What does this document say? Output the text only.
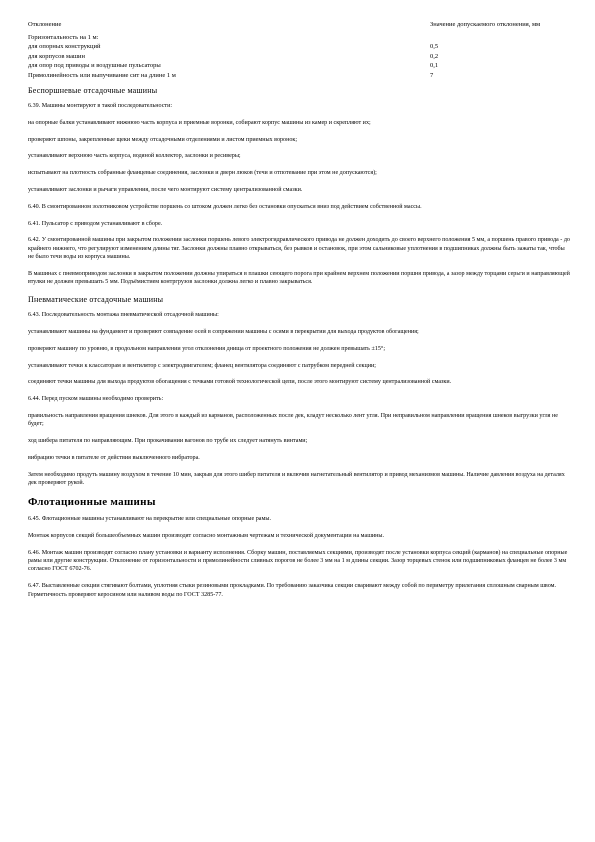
Отклонение	Значение допускаемого отклонения, мм
Горизонтальность на 1 м:	
для опорных конструкций	0,5
для корпусов машин	0,2
для опор под приводы и воздушные пульсаторы	0,1
Прямолинейность или выпучивание сит на длине 1 м	7
Беспоршневые отсадочные машины

6.39. Машины монтируют в такой последовательности:

на опорные балки устанавливают нижнюю часть корпуса и приемные воронки, собирают корпус машины из камер и скрепляют их;

проверяют шпоны, закрепленные щеки между отсадочными отделениями и листом приемных воронок;

устанавливают верхнюю часть корпуса, водяной коллектор, заслонки и ресиверы;

испытывают на плотность собранные фланцевые соединения, заслонки и дверн люков (течи и отпотевание при этом не допускаются);

устанавливают заслонки и рычаги управления, после чего монтируют систему централизованной смазки.

6.40. В смонтированном золотниковом устройстве поршень со штоком должен легко без остановки опускаться вниз под действием собственной массы.

6.41. Пульсатор с приводом устанавливают в сборе.

6.42. У смонтированной машины при закрытом положении заслонки поршень левого электрогидравлического привода не должен доходить до своего верхнего положения 5 мм, а поршень правого привода - до крайнего нижнего, что регулируют изменением длины тяг. Заслонки должны плавно открываться, без рывков и остановок, при этом сальниковые уплотнения в подшипниках должны быть зажаты так, чтобы не было течи воды из корпуса машины.

В машинах с пневмоприводом заслонки в закрытом положении должны упираться в плашки сеющего порога при крайнем верхнем положении поршня привода, а зазор между торцами серьги и направляющей втулки не должен превышать 5 мм. Подъёмистием контргрузов заслонки должна легко и плавно закрываться.

Пневматические отсадочные машины

6.43. Последовательность монтажа пневматической отсадочной машины:

устанавливают машины на фундамент и проверяют совпадение осей в сопряжении машины с осями в перекрытии для выхода продуктов обогащения;

проверяют машину по уровню, в продольном направлении угол отклонения днища от проектного положения не должен превышать ±15°;

устанавливают течки к классаторам и вентилятор с электродвигателем; фланец вентилятора соединяют с патрубком передней секции;

соединяют течки машины для выхода продуктов обогащения с течками готовой технологической цепи, после этого монтируют систему централизованной смазки.

6.44. Перед пуском машины необходимо проверить:

правильность направления вращения шнеков. Для этого в каждый из карманов, расположенных после дек, кладут несколько лент угля. При неправильном направлении вращения шнеков выгрузки угля не будет;

ход шибера питателя по направляющим. При прокачивании вагонов по трубе их следует натянуть винтами;

вибрацию течки в питателе от действия выключенного вибратора.

Затем необходимо продуть машину воздухом в течение 10 мин, закрыв для этого шибер питателя и включив нагнетательный вентилятор и привод механизмов машины. Наличие давления воздуха на деталях дек проверяют рукой.

Флотационные машины

6.45. Флотационные машины устанавливают на перекрытие или специальные опорные рамы.

Монтаж корпусов секций большеобъемных машин производят согласно монтажным чертежам и технической документации на машины.

6.46. Монтаж машин производят согласно плану установки и варианту исполнения. Сборку машин, поставляемых секциями, производят после установки корпуса секций (карманов) на специальные опорные рамы или другие конструкции. Отклонение от горизонтальности и прямолинейности сливных порогов не более 3 мм на 1 м длины секции. Зазор торцевых стенок или подшипниковых фланцев не более 3 мм согласно ГОСТ 6702-76.

6.47. Выставленные секции стягивают болтами, уплотняя стыки резиновыми прокладками. По требованию заказчика секции сваривают между собой по периметру прилегания сплошным сварным швом. Герметичность проверяют керосином или наливом воды по ГОСТ 3285-77.
